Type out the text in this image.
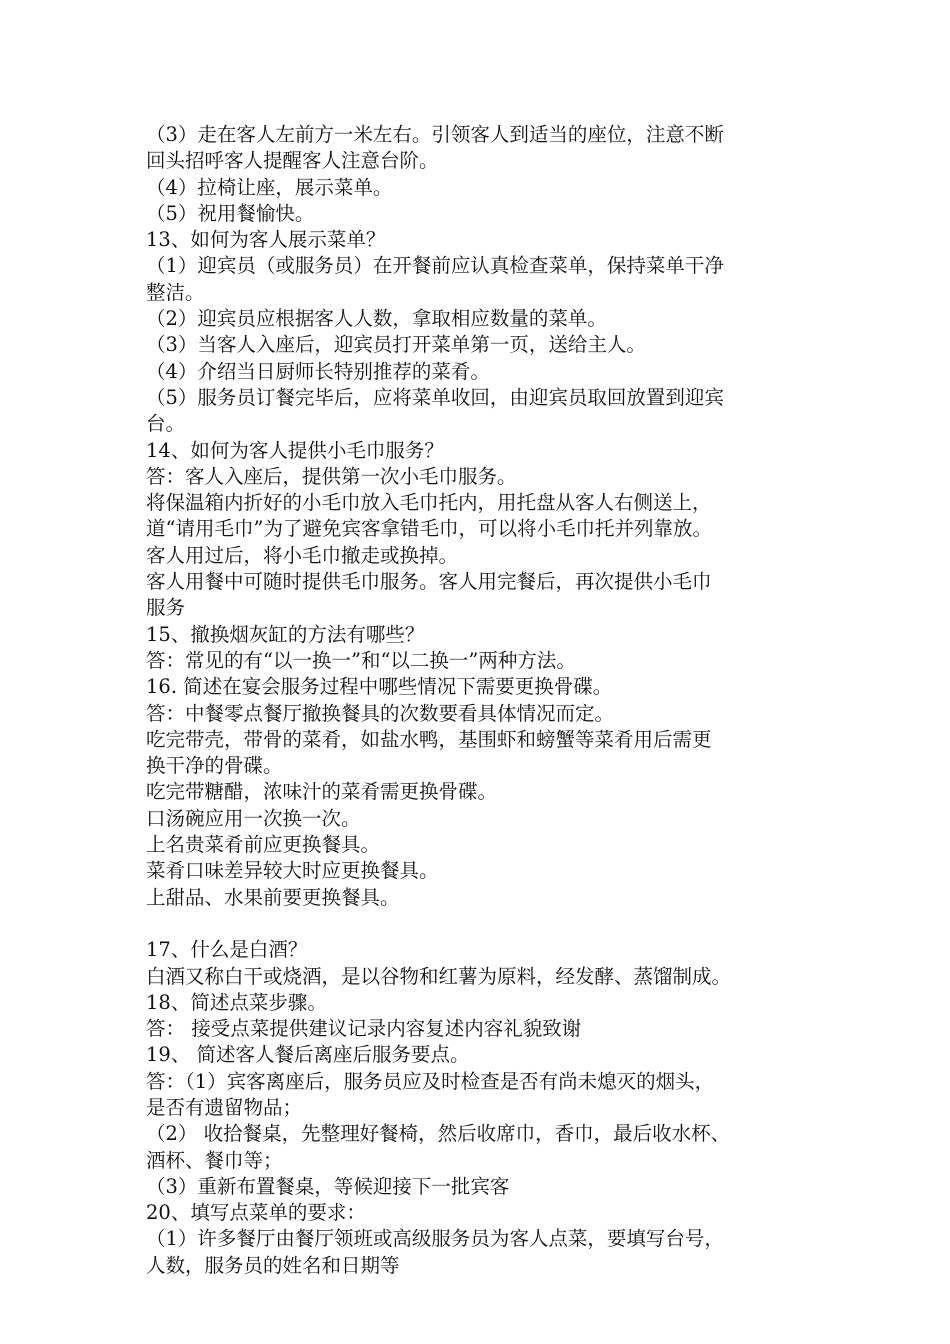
（3）走在客人左前方一米左右。引领客人到适当的座位，注意不断
回头招呼客人提醒客人注意台阶。
（4）拉椅让座，展示菜单。
（5）祝用餐愉快。
13、如何为客人展示菜单？
（1）迎宾员（或服务员）在开餐前应认真检查菜单，保持菜单干净
整洁。
（2）迎宾员应根据客人人数，拿取相应数量的菜单。
（3）当客人入座后，迎宾员打开菜单第一页，送给主人。
（4）介绍当日厨师长特别推荐的菜肴。
（5）服务员订餐完毕后，应将菜单收回，由迎宾员取回放置到迎宾
台。
14、如何为客人提供小毛巾服务？
答：客人入座后，提供第一次小毛巾服务。
将保温箱内折好的小毛巾放入毛巾托内，用托盘从客人右侧送上，
道“请用毛巾”为了避免宾客拿错毛巾，可以将小毛巾托并列靠放。
客人用过后，将小毛巾撤走或换掉。
客人用餐中可随时提供毛巾服务。客人用完餐后，再次提供小毛巾
服务
15、撤换烟灰缸的方法有哪些？
答：常见的有“以一换一”和“以二换一”两种方法。
16. 简述在宴会服务过程中哪些情况下需要更换骨碟。
答：中餐零点餐厅撤换餐具的次数要看具体情况而定。
吃完带壳，带骨的菜肴，如盐水鸭，基围虾和螃蟹等菜肴用后需更
换干净的骨碟。
吃完带糖醋，浓味汁的菜肴需更换骨碟。
口汤碗应用一次换一次。
上名贵菜肴前应更换餐具。
菜肴口味差异较大时应更换餐具。
上甜品、水果前要更换餐具。
17、什么是白酒？
白酒又称白干或烧酒，是以谷物和红薯为原料，经发酵、蒸馏制成。
18、简述点菜步骤。
答： 接受点菜提供建议记录内容复述内容礼貌致谢
19、 简述客人餐后离座后服务要点。
答：（1）宾客离座后，服务员应及时检查是否有尚未熄灭的烟头，
是否有遗留物品；
（2） 收拾餐桌，先整理好餐椅，然后收席巾，香巾，最后收水杯、
酒杯、餐巾等；
（3）重新布置餐桌，等候迎接下一批宾客
20、填写点菜单的要求：
（1）许多餐厅由餐厅领班或高级服务员为客人点菜，要填写台号，
人数，服务员的姓名和日期等
